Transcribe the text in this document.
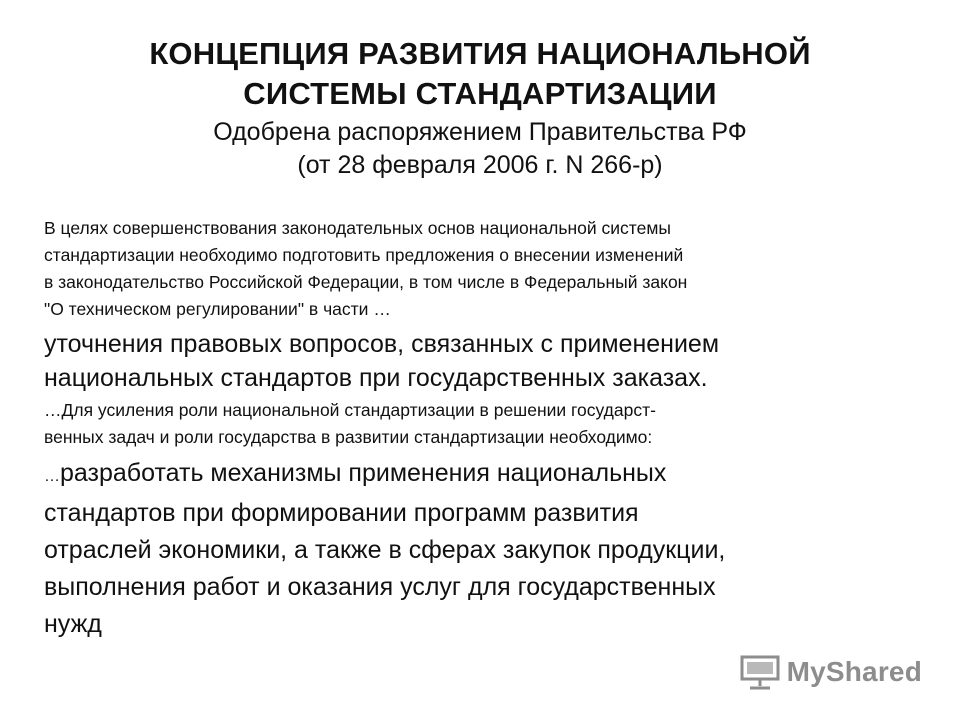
КОНЦЕПЦИЯ РАЗВИТИЯ НАЦИОНАЛЬНОЙ
СИСТЕМЫ СТАНДАРТИЗАЦИИ
Одобрена распоряжением Правительства РФ
(от 28 февраля 2006 г. N 266-р)
В целях совершенствования законодательных основ национальной системы
стандартизации необходимо подготовить предложения о внесении изменений
в законодательство Российской Федерации, в том числе в Федеральный закон
"О техническом регулировании" в части …
уточнения правовых вопросов, связанных с применением
национальных стандартов при государственных заказах.
…Для усиления роли национальной стандартизации в решении государст-
венных задач и роли государства в развитии стандартизации необходимо:
…разработать механизмы применения национальных
стандартов при формировании программ развития
отраслей экономики, а также в сферах закупок продукции,
выполнения работ и оказания услуг для государственных
нужд
MyShared
